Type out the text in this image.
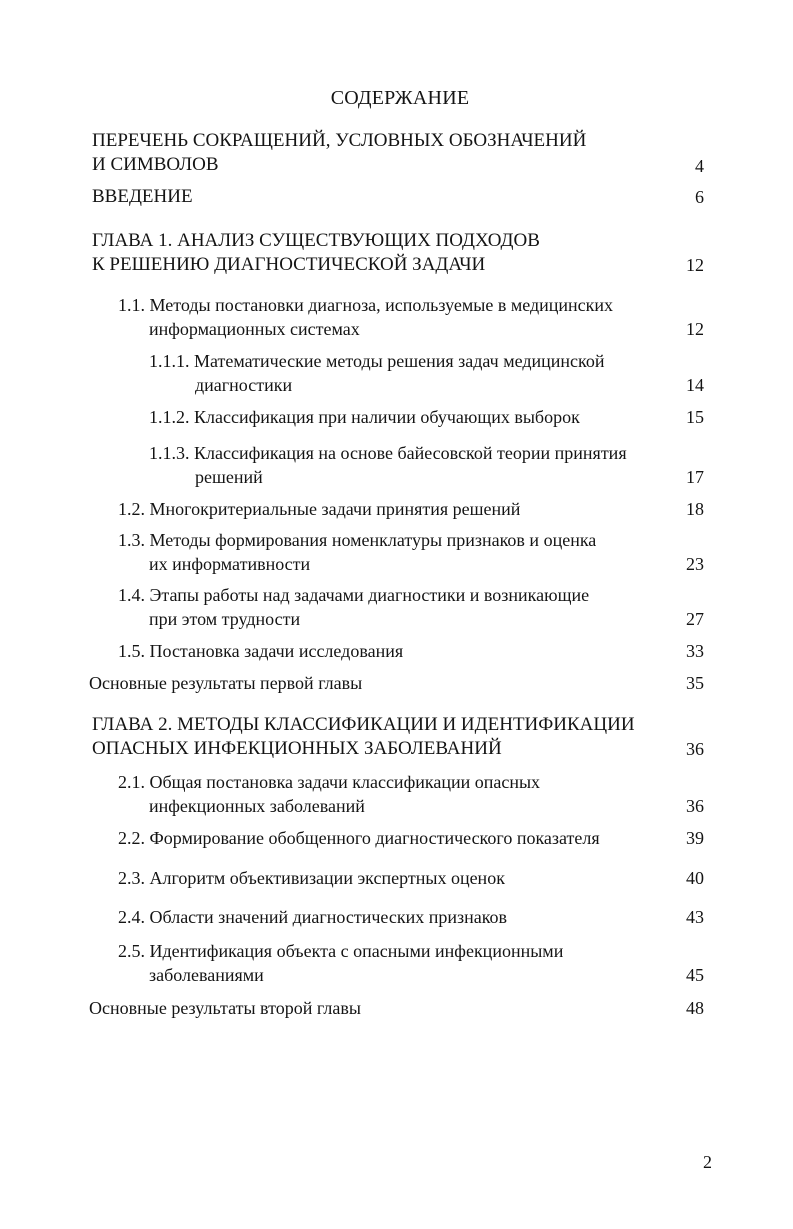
СОДЕРЖАНИЕ
ПЕРЕЧЕНЬ СОКРАЩЕНИЙ, УСЛОВНЫХ ОБОЗНАЧЕНИЙ
И СИМВОЛОВ	4
ВВЕДЕНИЕ	6
ГЛАВА 1. АНАЛИЗ СУЩЕСТВУЮЩИХ ПОДХОДОВ
К РЕШЕНИЮ ДИАГНОСТИЧЕСКОЙ ЗАДАЧИ	12
1.1. Методы постановки диагноза, используемые в медицинских
информационных системах	12
1.1.1. Математические методы решения задач медицинской
диагностики	14
1.1.2. Классификация при наличии обучающих выборок	15
1.1.3. Классификация на основе байесовской теории принятия
решений	17
1.2. Многокритериальные задачи принятия решений	18
1.3. Методы формирования номенклатуры признаков и оценка
их информативности	23
1.4. Этапы работы над задачами диагностики и возникающие
при этом трудности	27
1.5. Постановка задачи исследования	33
Основные результаты первой главы	35
ГЛАВА 2. МЕТОДЫ КЛАССИФИКАЦИИ И ИДЕНТИФИКАЦИИ
ОПАСНЫХ ИНФЕКЦИОННЫХ ЗАБОЛЕВАНИЙ	36
2.1. Общая постановка задачи классификации опасных
инфекционных заболеваний	36
2.2. Формирование обобщенного диагностического показателя	39
2.3. Алгоритм объективизации экспертных оценок	40
2.4. Области значений диагностических признаков	43
2.5. Идентификация объекта с опасными инфекционными
заболеваниями	45
Основные результаты второй главы	48
2
